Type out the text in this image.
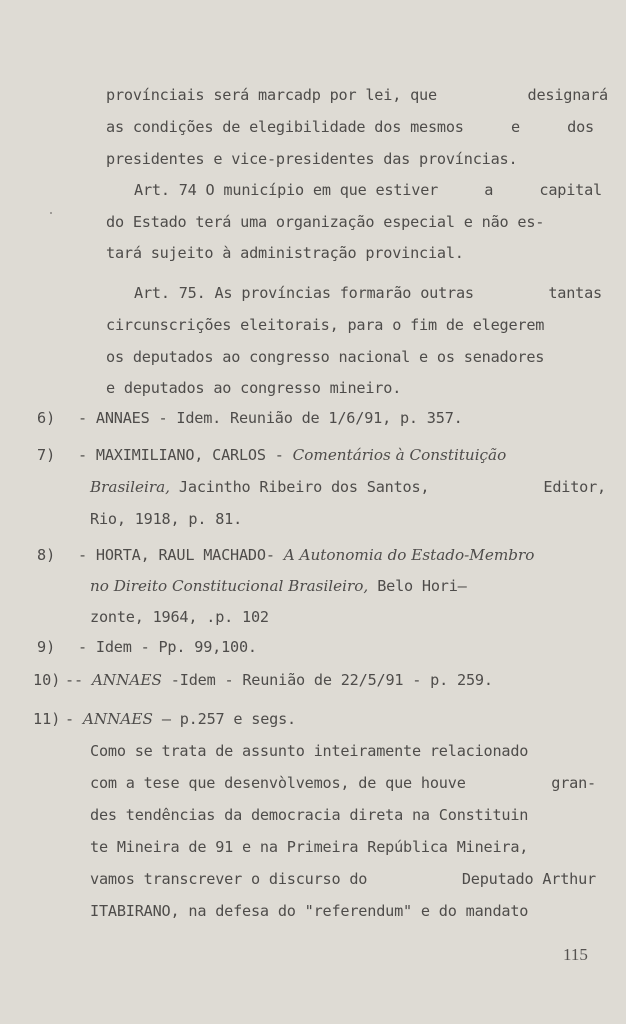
provínciais será marcadp por lei, que	designará
as condições de elegibilidade dos mesmos	e	dos
presidentes e vice-presidentes das províncias.
Art. 74 O município em que estiver	a	capital
do Estado terá uma organização especial e não es-
tará sujeito à administração provincial.
Art. 75. As províncias formarão outras	tantas
circunscrições eleitorais, para o fim de elegerem
os deputados ao congresso nacional e os senadores
e deputados ao congresso mineiro.
6) - ANNAES - Idem. Reunião de 1/6/91, p. 357.
7) - MAXIMILIANO, CARLOS - Comentários à Constituição
Brasileira, Jacintho Ribeiro dos Santos,	Editor,
Rio, 1918, p. 81.
8) - HORTA, RAUL MACHADO- A Autonomia do Estado-Membro
no Direito Constitucional Brasileiro, Belo Hori—
zonte, 1964, .p. 102
9) - Idem - Pp. 99,100.
10) -- ANNAES -Idem - Reunião de 22/5/91 - p. 259.
11) - ANNAES – p.257 e segs.
Como se trata de assunto inteiramente relacionado
com a tese que desenvòlvemos, de que houve	gran-
des tendências da democracia direta na Constituin
te Mineira de 91 e na Primeira República Mineira,
vamos transcrever o discurso do	Deputado Arthur
ITABIRANO, na defesa do "referendum" e do mandato
115
